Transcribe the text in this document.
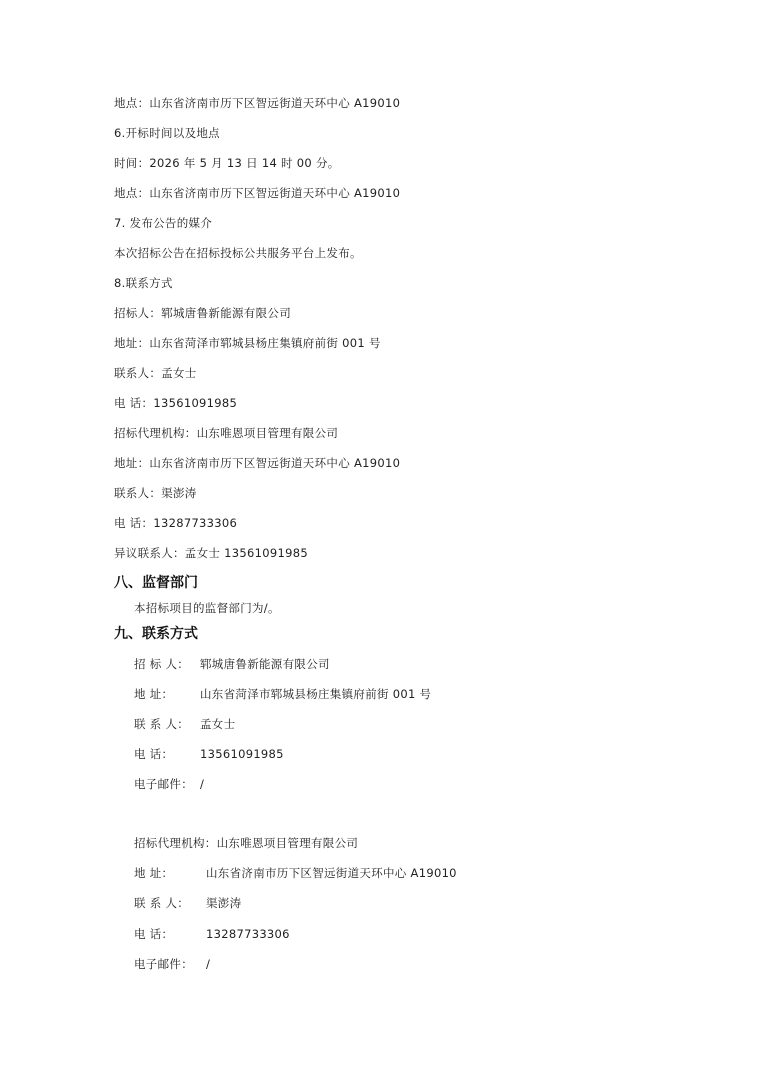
地点：山东省济南市历下区智远街道天环中心 A19010
6.开标时间以及地点
时间：2026 年 5 月 13 日 14 时 00 分。
地点：山东省济南市历下区智远街道天环中心 A19010
7. 发布公告的媒介
本次招标公告在招标投标公共服务平台上发布。
8.联系方式
招标人：郓城唐鲁新能源有限公司
地址：山东省菏泽市郓城县杨庄集镇府前街 001 号
联系人：孟女士
电 话：13561091985
招标代理机构：山东唯恩项目管理有限公司
地址：山东省济南市历下区智远街道天环中心 A19010
联系人：渠澎涛
电 话：13287733306
异议联系人：孟女士 13561091985
八、监督部门
本招标项目的监督部门为/。
九、联系方式
招 标 人： 郓城唐鲁新能源有限公司
地 址： 山东省菏泽市郓城县杨庄集镇府前街 001 号
联 系 人： 孟女士
电 话： 13561091985
电子邮件： /
招标代理机构：山东唯恩项目管理有限公司
地 址：	山东省济南市历下区智远街道天环中心 A19010
联 系 人： 渠澎涛
电 话：	13287733306
电子邮件： /
